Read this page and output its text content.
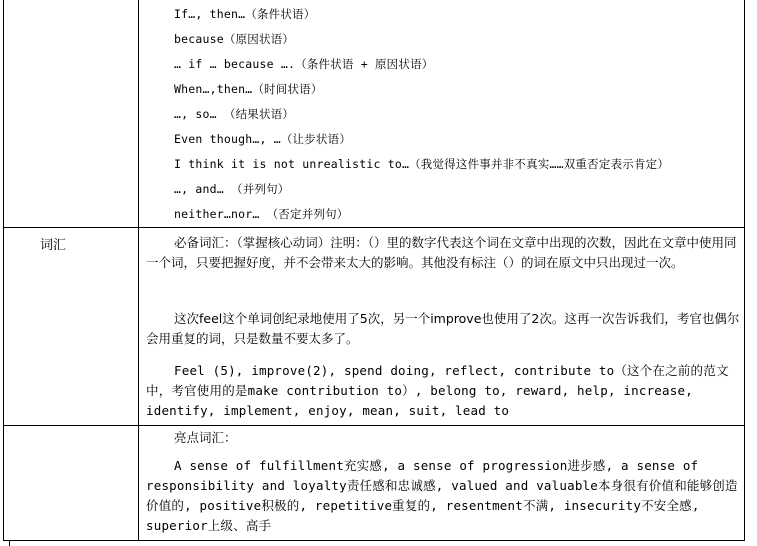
If…, then…（条件状语）
because（原因状语）
… if … because ….（条件状语 + 原因状语）
When…,then…（时间状语）
…, so… （结果状语）
Even though…, …（让步状语）
I think it is not unrealistic to…（我觉得这件事并非不真实……双重否定表示肯定）
…, and… （并列句）
neither…nor… （否定并列句）
词汇	必备词汇：（掌握核心动词）注明：（）里的数字代表这个词在文章中出现的次数，因此在文章中使用同一个词，只要把握好度，并不会带来太大的影响。其他没有标注（）的词在原文中只出现过一次。
这次feel这个单词创纪录地使用了5次，另一个improve也使用了2次。这再一次告诉我们，考官也偶尔会用重复的词，只是数量不要太多了。
Feel (5), improve(2), spend doing, reflect, contribute to（这个在之前的范文中，考官使用的是make contribution to）, belong to, reward, help, increase, identify, implement, enjoy, mean, suit, lead to
亮点词汇：
A sense of fulfillment充实感, a sense of progression进步感, a sense of responsibility and loyalty责任感和忠诚感, valued and valuable本身很有价值和能够创造价值的, positive积极的, repetitive重复的, resentment不满, insecurity不安全感, superior上级、高手
